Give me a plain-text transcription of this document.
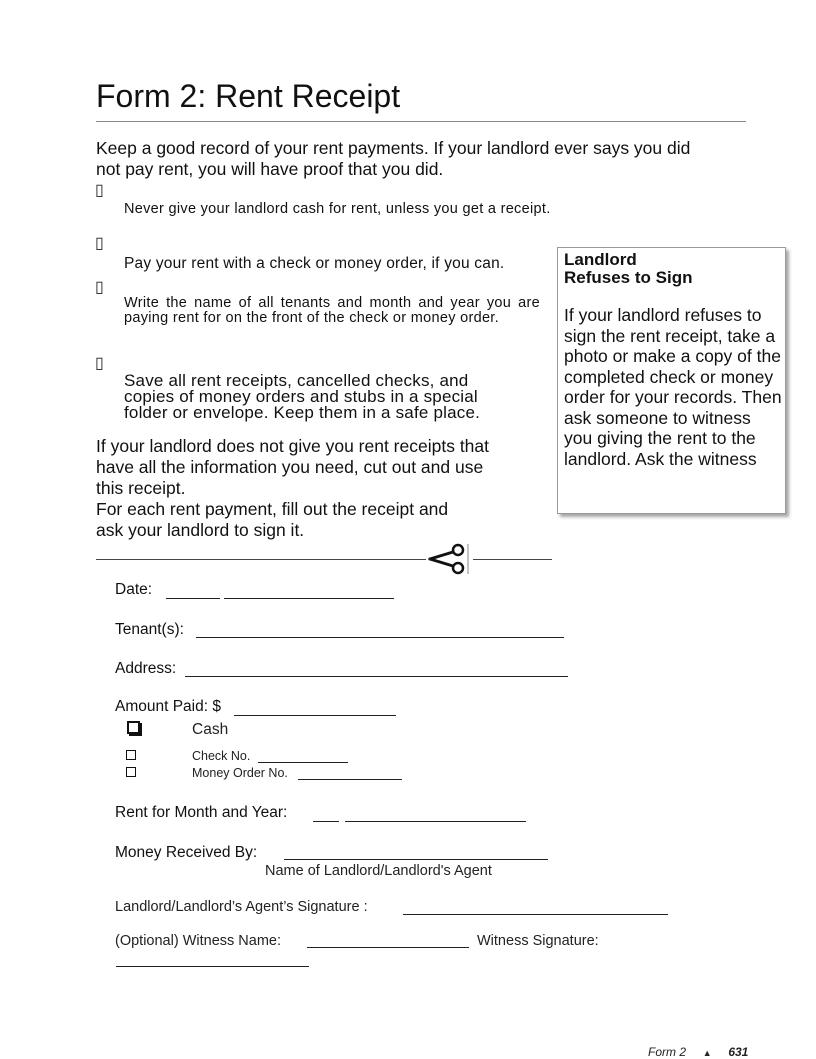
Form 2: Rent Receipt
Keep a good record of your rent payments. If your landlord ever says you did not pay rent, you will have proof that you did.
▯
Never give your landlord cash for rent, unless you get a receipt.
▯
Pay your rent with a check or money order, if you can.
▯
Write the name of all tenants and month and year you are paying rent for on the front of the check or money order.
▯
Save all rent receipts, cancelled checks, and copies of money orders and stubs in a special folder or envelope. Keep them in a safe place.
If your landlord does not give you rent receipts that
have all the information you need, cut out and use
this receipt.
For each rent payment, fill out the receipt and
ask your landlord to sign it.
Landlord
Refuses to Sign
If your landlord refuses to sign the rent receipt, take a photo or make a copy of the completed check or money order for your records. Then ask someone to witness you giving the rent to the landlord. Ask the witness
Date:
Tenant(s):
Address:
Amount Paid: $
Cash
Check No.
Money Order No.
Rent for Month and Year:
Money Received By:
Name of Landlord/Landlord's Agent
Landlord/Landlord’s Agent’s Signature :
(Optional) Witness Name:	Witness Signature:
Form 2 ▲ 631
